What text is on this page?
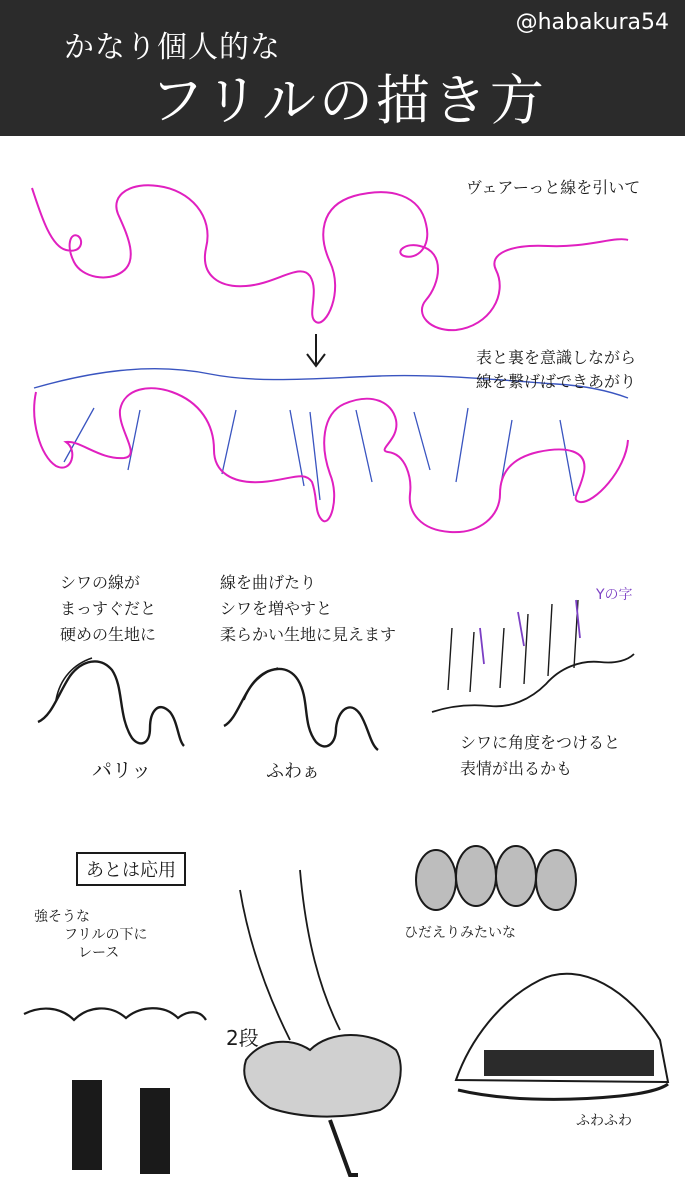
かなり個人的な
フリルの描き方
@habakura54
ヴェアーっと線を引いて
表と裏を意識しながら
線を繋げばできあがり
シワの線が
まっすぐだと
硬めの生地に
パリッ
線を曲げたり
シワを増やすと
柔らかい生地に見えます
ふわぁ
Yの字
シワに角度をつけると
表情が出るかも
あとは応用
強そうな
フリルの下に
レース
2段
ひだえりみたいな
ふわふわ
